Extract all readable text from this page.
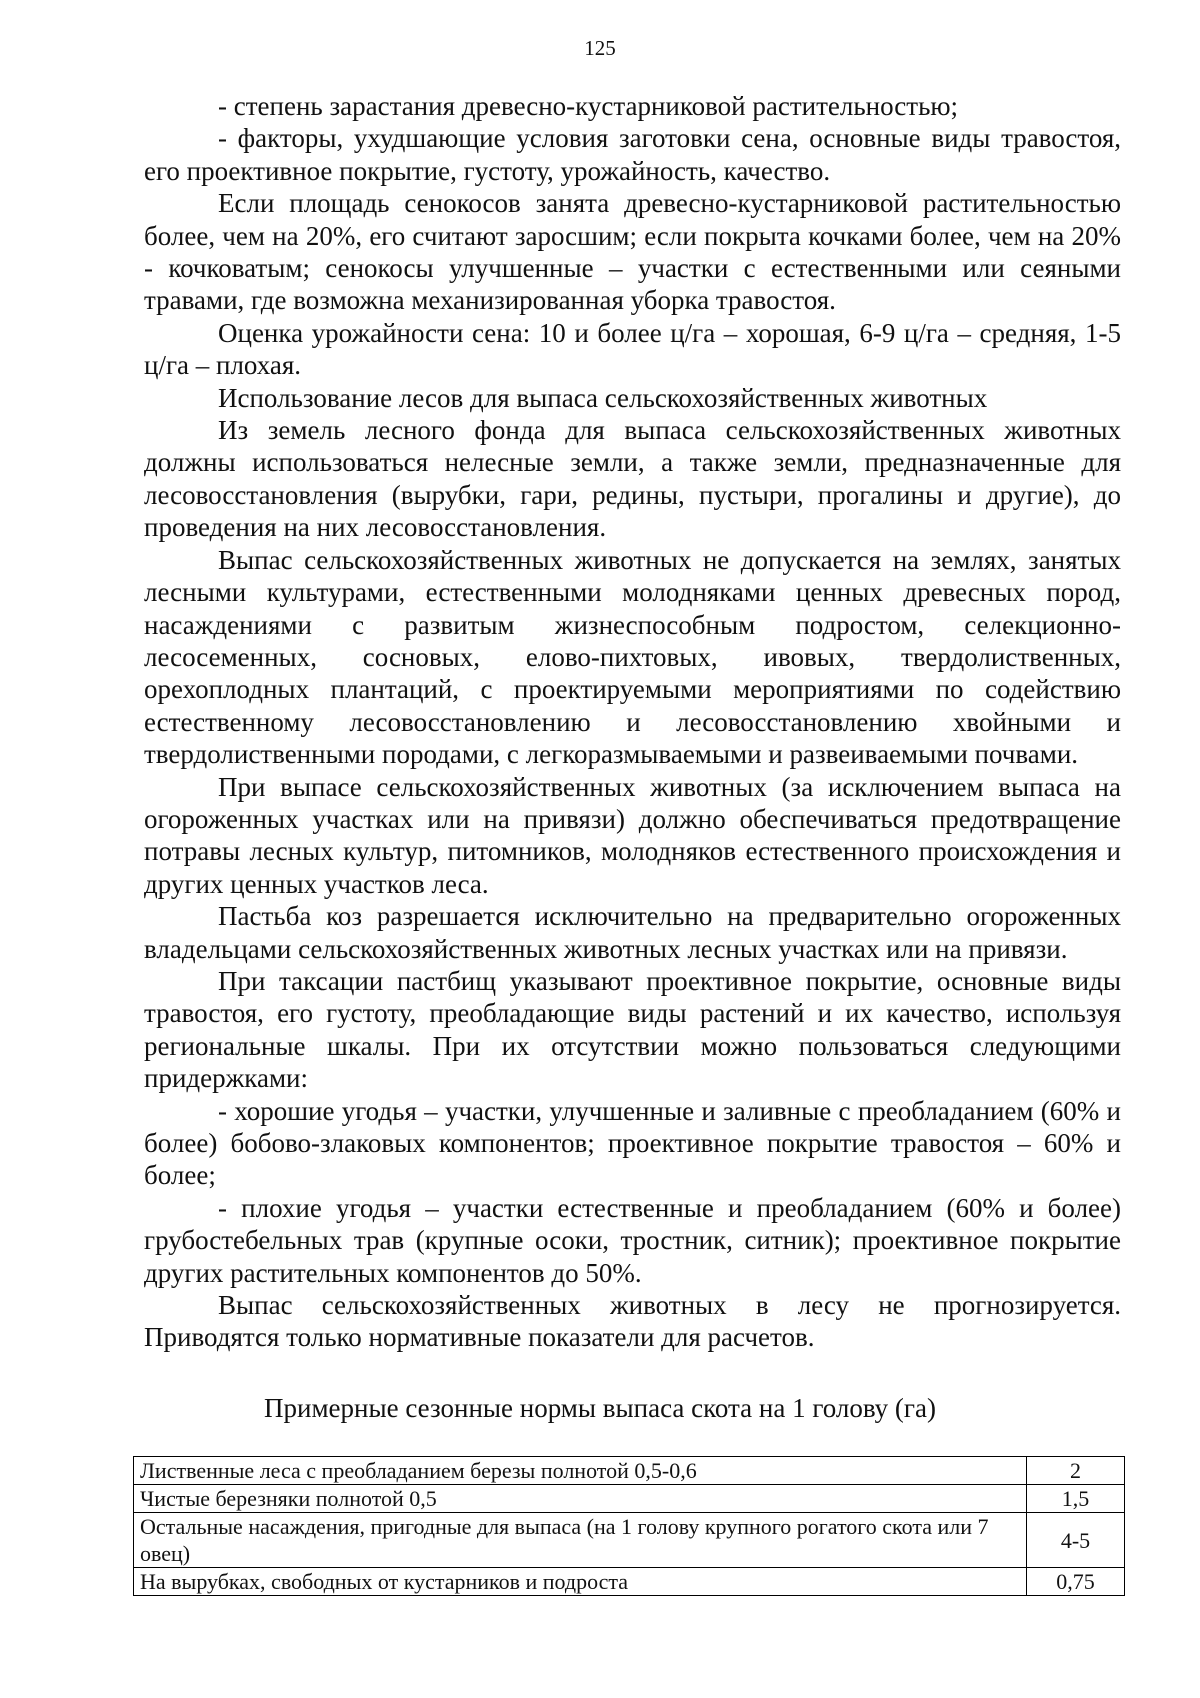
125

- степень зарастания древесно-кустарниковой растительностью;

- факторы, ухудшающие условия заготовки сена, основные виды травостоя, его проективное покрытие, густоту, урожайность, качество.

Если площадь сенокосов занята древесно-кустарниковой растительностью более, чем на 20%, его считают заросшим; если покрыта кочками более, чем на 20% - кочковатым; сенокосы улучшенные – участки с естественными или сеяными травами, где возможна механизированная уборка травостоя.

Оценка урожайности сена: 10 и более ц/га – хорошая, 6-9 ц/га – средняя, 1-5 ц/га – плохая.

Использование лесов для выпаса сельскохозяйственных животных

Из земель лесного фонда для выпаса сельскохозяйственных животных должны использоваться нелесные земли, а также земли, предназначенные для лесовосстановления (вырубки, гари, редины, пустыри, прогалины и другие), до проведения на них лесовосстановления.

Выпас сельскохозяйственных животных не допускается на землях, занятых лесными культурами, естественными молодняками ценных древесных пород, насаждениями с развитым жизнеспособным подростом, селекционно-лесосеменных, сосновых, елово-пихтовых, ивовых, твердолиственных, орехоплодных плантаций, с проектируемыми мероприятиями по содействию естественному лесовосстановлению и лесовосстановлению хвойными и твердолиственными породами, с легкоразмываемыми и развеиваемыми почвами.

При выпасе сельскохозяйственных животных (за исключением выпаса на огороженных участках или на привязи) должно обеспечиваться предотвращение потравы лесных культур, питомников, молодняков естественного происхождения и других ценных участков леса.

Пастьба коз разрешается исключительно на предварительно огороженных владельцами сельскохозяйственных животных лесных участках или на привязи.

При таксации пастбищ указывают проективное покрытие, основные виды травостоя, его густоту, преобладающие виды растений и их качество, используя региональные шкалы. При их отсутствии можно пользоваться следующими придержками:

- хорошие угодья – участки, улучшенные и заливные с преобладанием (60% и более) бобово-злаковых компонентов; проективное покрытие травостоя – 60% и более;

- плохие угодья – участки естественные и преобладанием (60% и более) грубостебельных трав (крупные осоки, тростник, ситник); проективное покрытие других растительных компонентов до 50%.

Выпас сельскохозяйственных животных в лесу не прогнозируется. Приводятся только нормативные показатели для расчетов.

Примерные сезонные нормы выпаса скота на 1 голову (га)
Лиственные леса с преобладанием березы полнотой 0,5-0,6	2
Чистые березняки полнотой 0,5	1,5
Остальные насаждения, пригодные для выпаса (на 1 голову крупного рогатого скота или 7 овец)	4-5
На вырубках, свободных от кустарников и подроста	0,75
